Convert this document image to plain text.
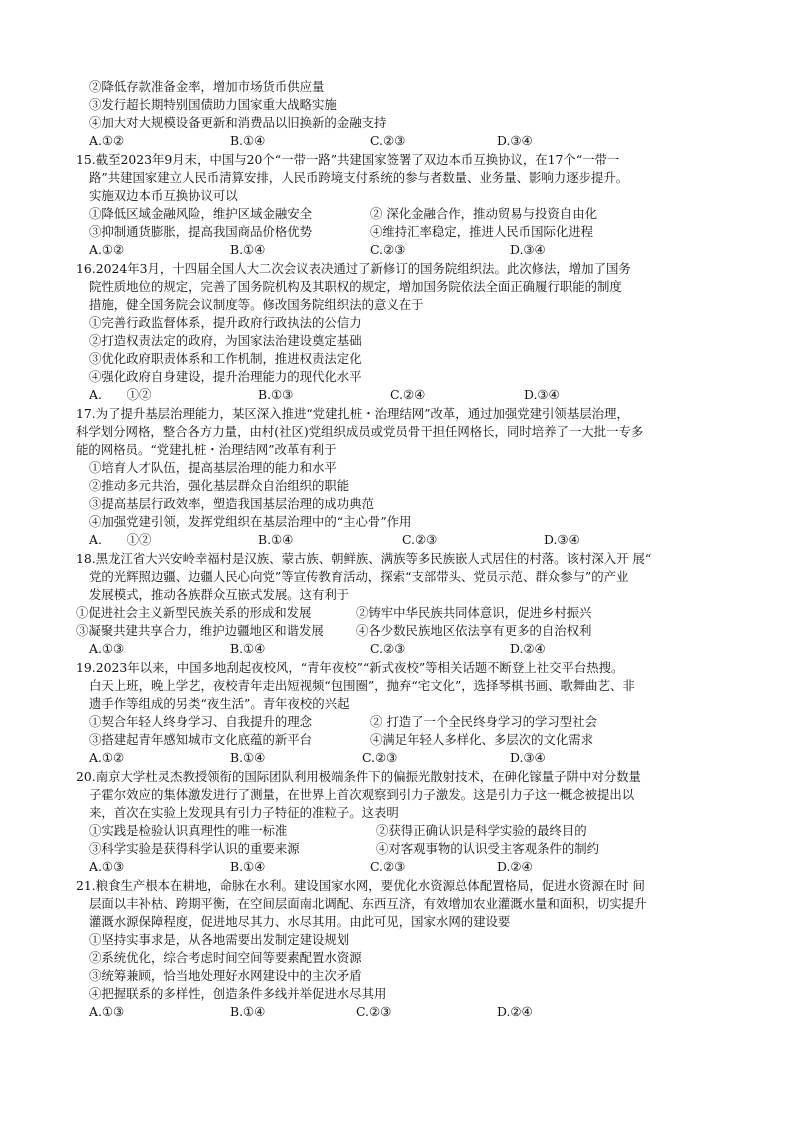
②降低存款准备金率，增加市场货币供应量
③发行超长期特别国债助力国家重大战略实施
④加大对大规模设备更新和消费品以旧换新的金融支持
A.①②	B.①④	C.②③	D.③④
15.截至2023年9月末，中国与20个“一带一路”共建国家签署了双边本币互换协议，在17个“一带一
路”共建国家建立人民币清算安排，人民币跨境支付系统的参与者数量、业务量、影响力逐步提升。
实施双边本币互换协议可以
①降低区域金融风险，维护区域金融安全	② 深化金融合作，推动贸易与投资自由化
③抑制通货膨胀，提高我国商品价格优势	④维持汇率稳定，推进人民币国际化进程
A.①②	B.①④	C.②③	D.③④
16.2024年3月，十四届全国人大二次会议表决通过了新修订的国务院组织法。此次修法，增加了国务
院性质地位的规定，完善了国务院机构及其职权的规定，增加国务院依法全面正确履行职能的制度
措施，健全国务院会议制度等。修改国务院组织法的意义在于
①完善行政监督体系，提升政府行政执法的公信力
②打造权责法定的政府，为国家法治建设奠定基础
③优化政府职责体系和工作机制，推进权责法定化
④强化政府自身建设，提升治理能力的现代化水平
A.　　①②	B.①③	C.②④	D.③④
17.为了提升基层治理能力，某区深入推进“党建扎桩・治理结网”改革，通过加强党建引领基层治理，
科学划分网格，整合各方力量，由村(社区)党组织成员或党员骨干担任网格长，同时培养了一大批一专多
能的网格员。“党建扎桩・治理结网”改革有利于
①培育人才队伍，提高基层治理的能力和水平
②推动多元共治，强化基层群众自治组织的职能
③提高基层行政效率，塑造我国基层治理的成功典范
④加强党建引领，发挥党组织在基层治理中的“主心骨”作用
A.　　①②	B.①④	C.②③	D.③④
18.黑龙江省大兴安岭幸福村是汉族、蒙古族、朝鲜族、满族等多民族嵌人式居住的村落。该村深入开 展“
党的光辉照边疆、边疆人民心向党”等宣传教育活动，探索“支部带头、党员示范、群众参与”的产业
发展模式，推动各族群众互嵌式发展。这有利于
①促进社会主义新型民族关系的形成和发展	②铸牢中华民族共同体意识，促进乡村振兴
③凝聚共建共享合力，维护边疆地区和谐发展	④各少数民族地区依法享有更多的自治权利
A.①③	B.①④	C.②③	D.②④
19.2023年以来，中国多地刮起夜校风，“青年夜校”“新式夜校”等相关话题不断登上社交平台热搜。
白天上班，晚上学艺，夜校青年走出短视频“包围圈”，抛弃“宅文化”，选择琴棋书画、歌舞曲艺、非
遗手作等组成的另类“夜生活”。青年夜校的兴起
①契合年轻人终身学习、自我提升的理念	② 打造了一个全民终身学习的学习型社会
③搭建起青年感知城市文化底蕴的新平台	④满足年轻人多样化、多层次的文化需求
A.①②	B.①④	C.②③	D.③④
20.南京大学杜灵杰教授领衔的国际团队利用极端条件下的偏振光散射技术，在砷化镓量子阱中对分数量
子霍尔效应的集体激发进行了测量，在世界上首次观察到引力子激发。这是引力子这一概念被提出以
来，首次在实验上发现具有引力子特征的准粒子。这表明
①实践是检验认识真理性的唯一标准	②获得正确认识是科学实验的最终目的
③科学实验是获得科学认识的重要来源	④对客观事物的认识受主客观条件的制约
A.①③	B.①④	C.②③	D.②④
21.粮食生产根本在耕地，命脉在水利。建设国家水网，要优化水资源总体配置格局，促进水资源在时 间
层面以丰补枯、跨期平衡，在空间层面南北调配、东西互济，有效增加农业灌溉水量和面积，切实提升
灌溉水源保障程度，促进地尽其力、水尽其用。由此可见，国家水网的建设要
①坚持实事求是，从各地需要出发制定建设规划
②系统优化，综合考虑时间空间等要素配置水资源
③统筹兼顾，恰当地处理好水网建设中的主次矛盾
④把握联系的多样性，创造条件多线并举促进水尽其用
A.①③	B.①④	C.②③	D.②④
